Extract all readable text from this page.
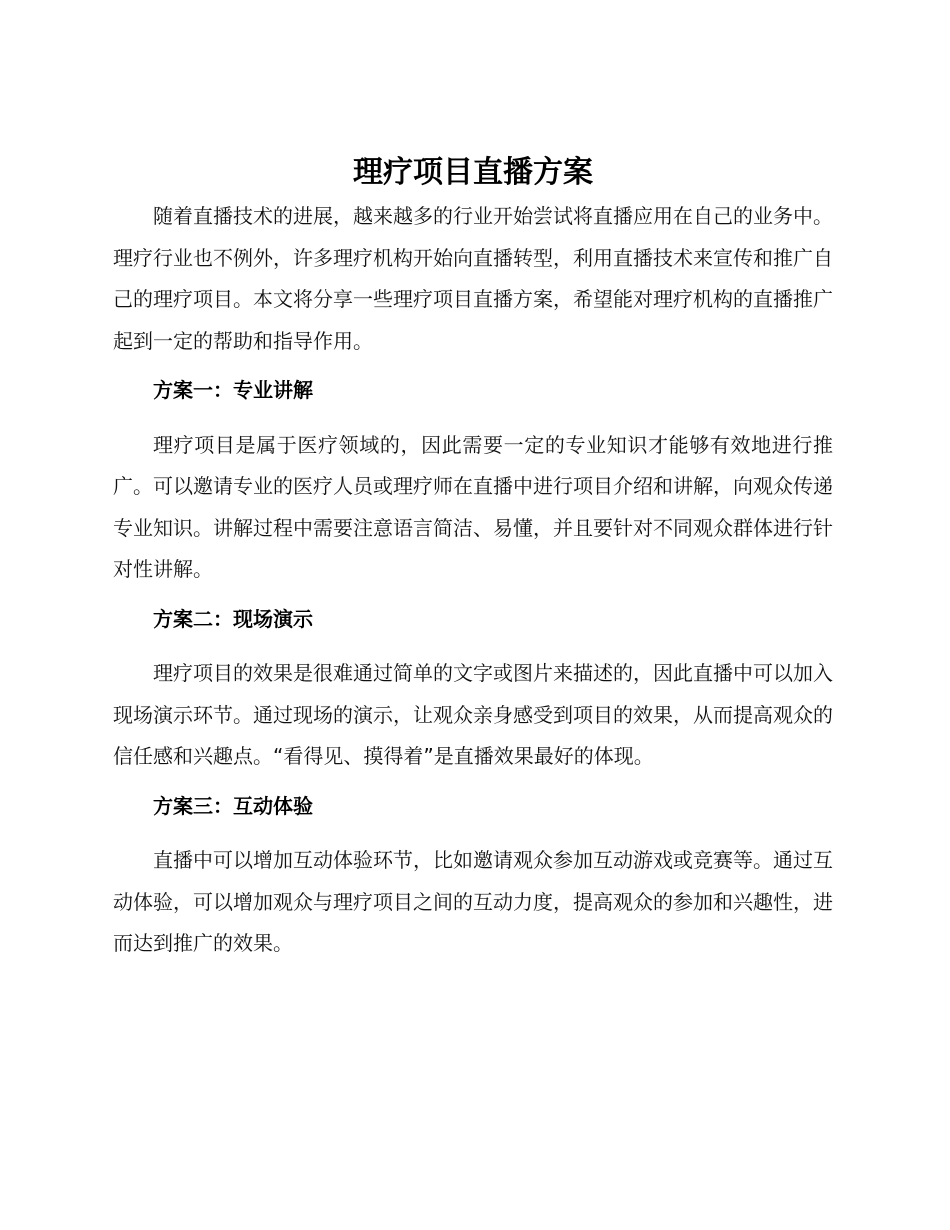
理疗项目直播方案

随着直播技术的进展，越来越多的行业开始尝试将直播应用在自己的业务中。理疗行业也不例外，许多理疗机构开始向直播转型，利用直播技术来宣传和推广自己的理疗项目。本文将分享一些理疗项目直播方案，希望能对理疗机构的直播推广起到一定的帮助和指导作用。

方案一：专业讲解

理疗项目是属于医疗领域的，因此需要一定的专业知识才能够有效地进行推广。可以邀请专业的医疗人员或理疗师在直播中进行项目介绍和讲解，向观众传递专业知识。讲解过程中需要注意语言简洁、易懂，并且要针对不同观众群体进行针对性讲解。

方案二：现场演示

理疗项目的效果是很难通过简单的文字或图片来描述的，因此直播中可以加入现场演示环节。通过现场的演示，让观众亲身感受到项目的效果，从而提高观众的信任感和兴趣点。“看得见、摸得着”是直播效果最好的体现。

方案三：互动体验

直播中可以增加互动体验环节，比如邀请观众参加互动游戏或竞赛等。通过互动体验，可以增加观众与理疗项目之间的互动力度，提高观众的参加和兴趣性，进而达到推广的效果。
